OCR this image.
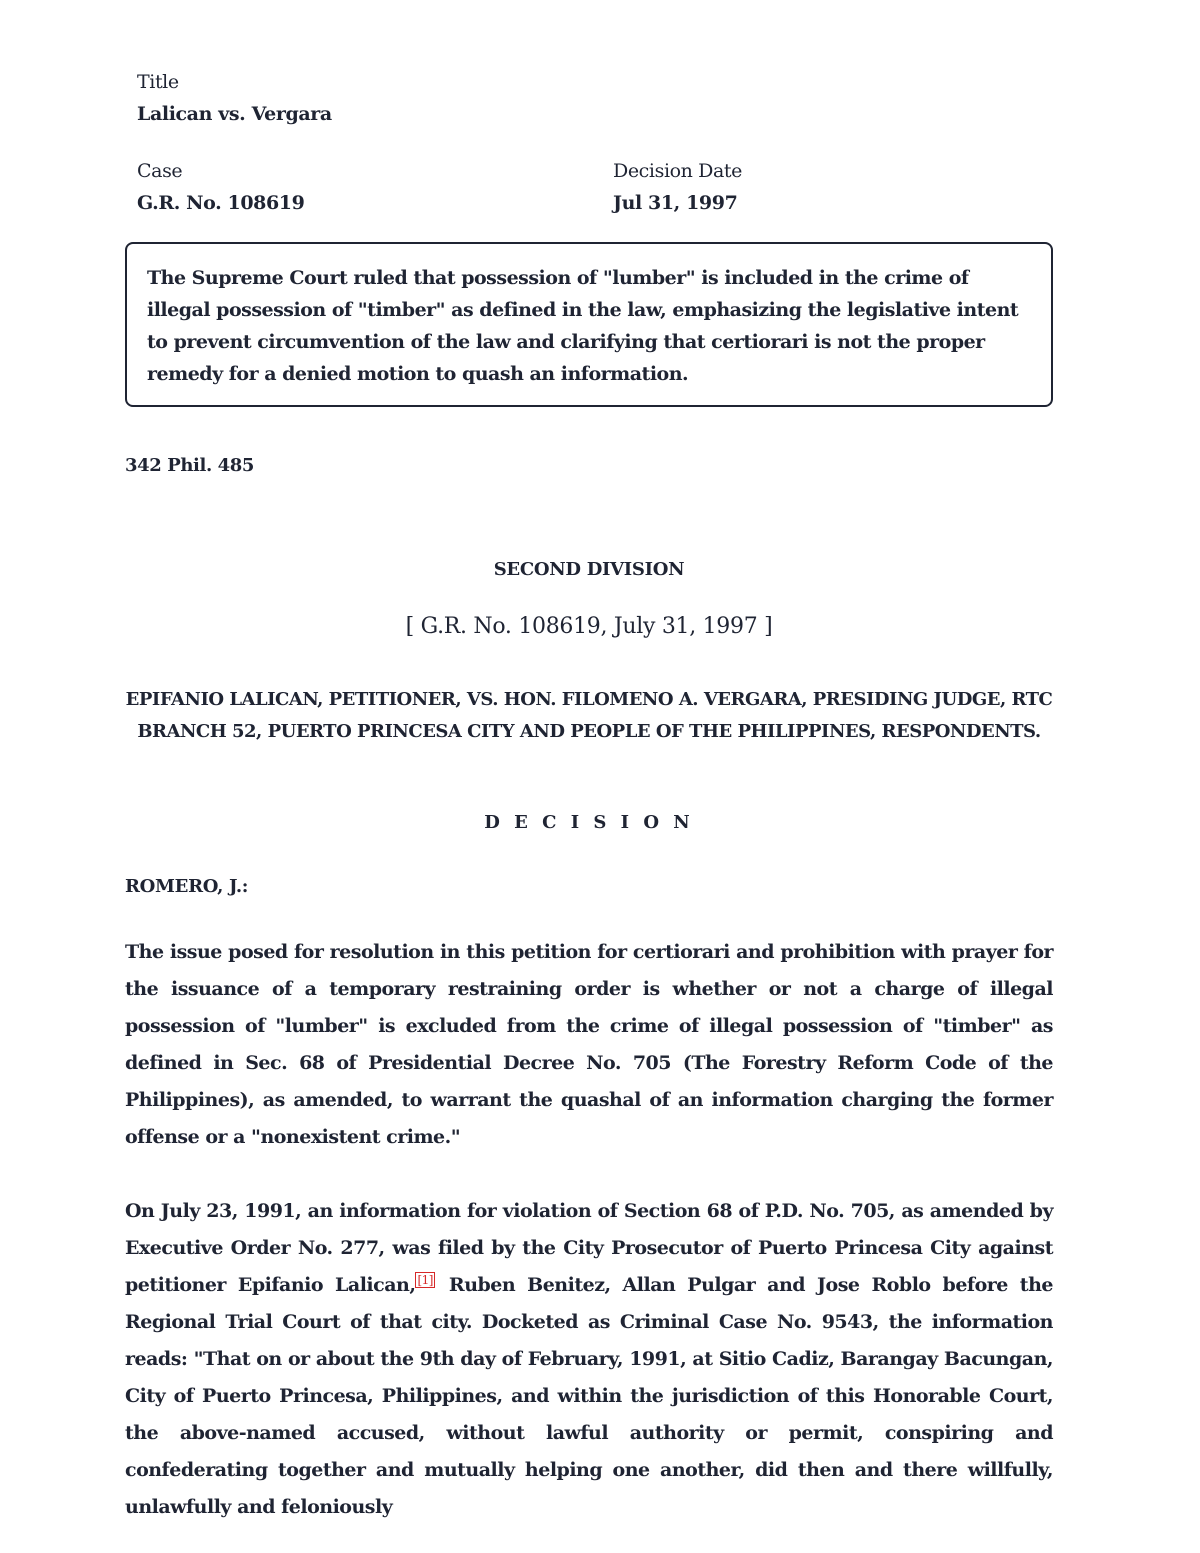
Title
Lalican vs. Vergara
Case
G.R. No. 108619
Decision Date
Jul 31, 1997
The Supreme Court ruled that possession of "lumber" is included in the crime of illegal possession of "timber" as defined in the law, emphasizing the legislative intent to prevent circumvention of the law and clarifying that certiorari is not the proper remedy for a denied motion to quash an information.
342 Phil. 485
SECOND DIVISION
[ G.R. No. 108619, July 31, 1997 ]
EPIFANIO LALICAN, PETITIONER, VS. HON. FILOMENO A. VERGARA, PRESIDING JUDGE, RTC BRANCH 52, PUERTO PRINCESA CITY AND PEOPLE OF THE PHILIPPINES, RESPONDENTS.
D E C I S I O N
ROMERO, J.:
The issue posed for resolution in this petition for certiorari and prohibition with prayer for the issuance of a temporary restraining order is whether or not a charge of illegal possession of "lumber" is excluded from the crime of illegal possession of "timber" as defined in Sec. 68 of Presidential Decree No. 705 (The Forestry Reform Code of the Philippines), as amended, to warrant the quashal of an information charging the former offense or a "nonexistent crime."
On July 23, 1991, an information for violation of Section 68 of P.D. No. 705, as amended by Executive Order No. 277, was filed by the City Prosecutor of Puerto Princesa City against petitioner Epifanio Lalican, [1] Ruben Benitez, Allan Pulgar and Jose Roblo before the Regional Trial Court of that city. Docketed as Criminal Case No. 9543, the information reads: "That on or about the 9th day of February, 1991, at Sitio Cadiz, Barangay Bacungan, City of Puerto Princesa, Philippines, and within the jurisdiction of this Honorable Court, the above-named accused, without lawful authority or permit, conspiring and confederating together and mutually helping one another, did then and there willfully, unlawfully and feloniously
